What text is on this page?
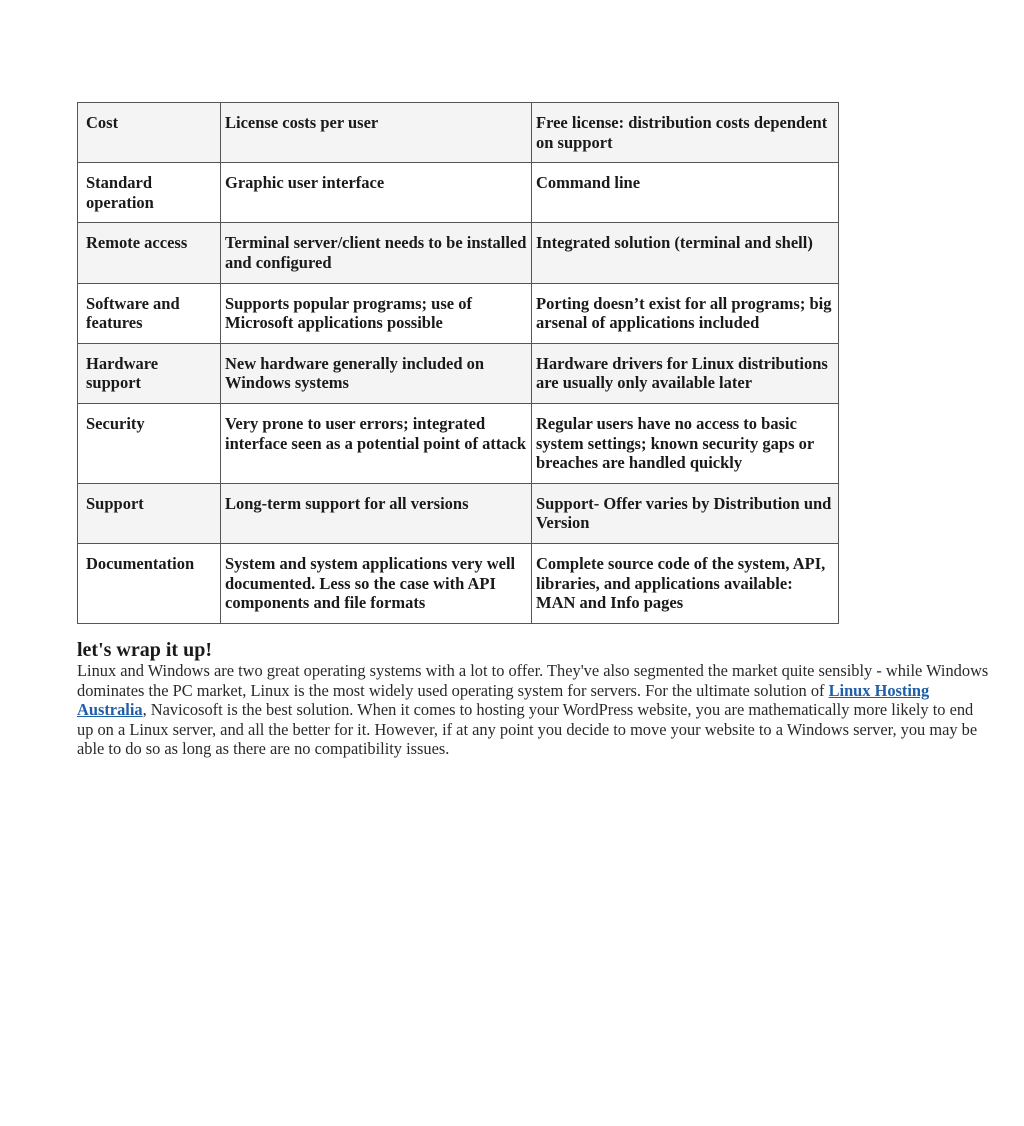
Cost	License costs per user	Free license: distribution costs dependent on support
Standard operation	Graphic user interface	Command line
Remote access	Terminal server/client needs to be installed and configured	Integrated solution (terminal and shell)
Software and features	Supports popular programs; use of Microsoft applications possible	Porting doesn’t exist for all programs; big arsenal of applications included
Hardware support	New hardware generally included on Windows systems	Hardware drivers for Linux distributions are usually only available later
Security	Very prone to user errors; integrated interface seen as a potential point of attack	Regular users have no access to basic system settings; known security gaps or breaches are handled quickly
Support	Long-term support for all versions	Support- Offer varies by Distribution und Version
Documentation	System and system applications very well documented. Less so the case with API components and file formats	Complete source code of the system, API, libraries, and applications available: MAN and Info pages
let's wrap it up!

Linux and Windows are two great operating systems with a lot to offer. They've also segmented the market quite sensibly - while Windows dominates the PC market, Linux is the most widely used operating system for servers. For the ultimate solution of Linux Hosting Australia, Navicosoft is the best solution. When it comes to hosting your WordPress website, you are mathematically more likely to end up on a Linux server, and all the better for it. However, if at any point you decide to move your website to a Windows server, you may be able to do so as long as there are no compatibility issues.
